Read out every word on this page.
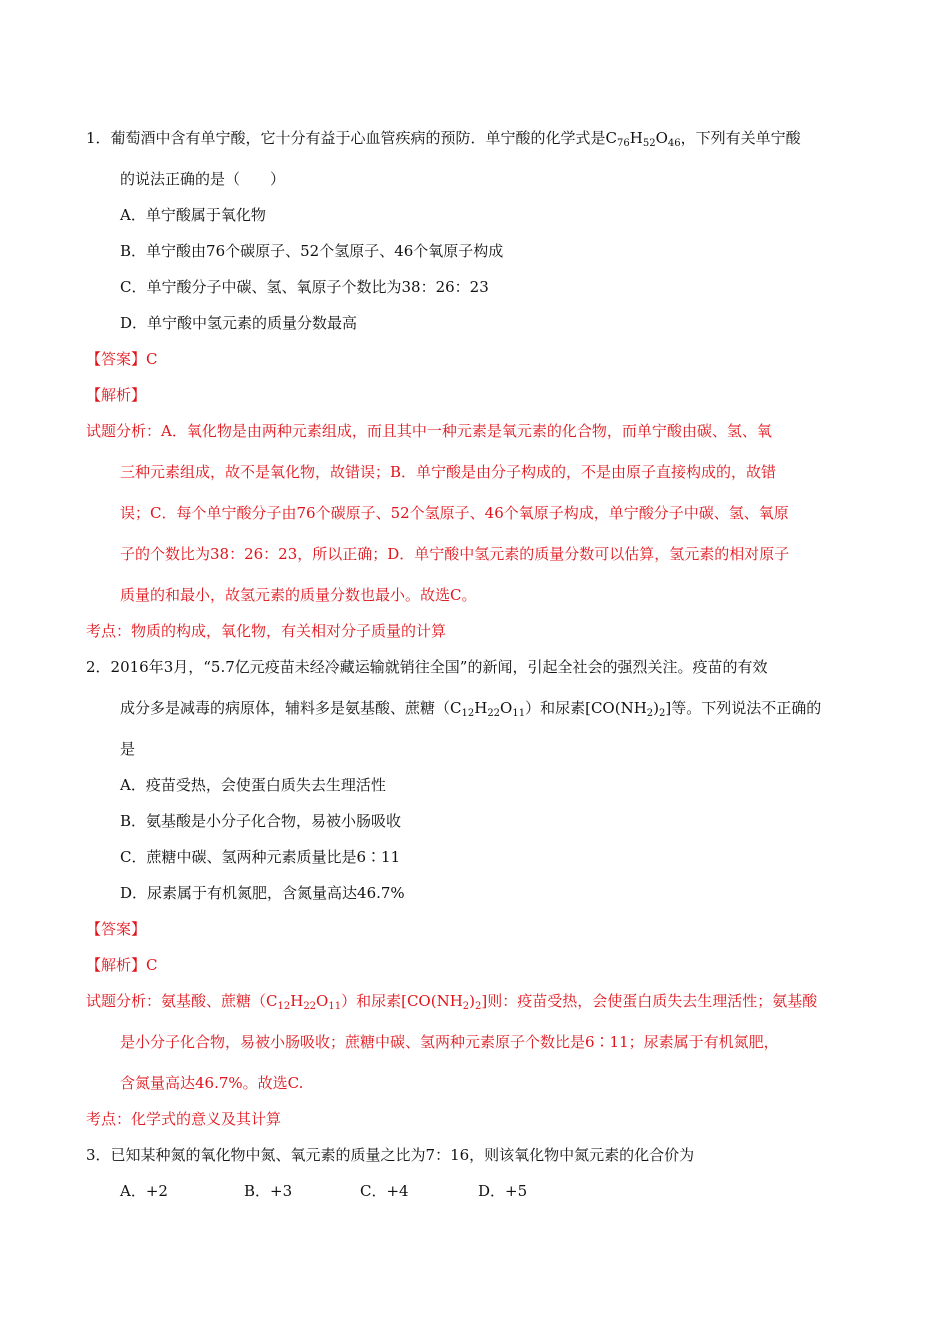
1．葡萄酒中含有单宁酸，它十分有益于心血管疾病的预防．单宁酸的化学式是$C_{76}H_{52}O_{46}$，下列有关单宁酸
的说法正确的是（　　）
A．单宁酸属于氧化物
B．单宁酸由76个碳原子、52个氢原子、46个氧原子构成
C．单宁酸分子中碳、氢、氧原子个数比为38：26：23
D．单宁酸中氢元素的质量分数最高
【答案】C
【解析】
试题分析：A．氧化物是由两种元素组成，而且其中一种元素是氧元素的化合物，而单宁酸由碳、氢、氧
三种元素组成，故不是氧化物，故错误；B．单宁酸是由分子构成的，不是由原子直接构成的，故错
误；C．每个单宁酸分子由76个碳原子、52个氢原子、46个氧原子构成，单宁酸分子中碳、氢、氧原
子的个数比为38：26：23，所以正确；D．单宁酸中氢元素的质量分数可以估算，氢元素的相对原子
质量的和最小，故氢元素的质量分数也最小。故选C。
考点：物质的构成，氧化物，有关相对分子质量的计算
2．2016年3月，“5.7亿元疫苗未经冷藏运输就销往全国”的新闻，引起全社会的强烈关注。疫苗的有效
成分多是减毒的病原体，辅料多是氨基酸、蔗糖$(C_{12}H_{22}O_{11})$和尿素$[CO(NH_2)_2]$等。下列说法不正确的
是
A．疫苗受热，会使蛋白质失去生理活性
B．氨基酸是小分子化合物，易被小肠吸收
C．蔗糖中碳、氢两种元素质量比是6∶11
D．尿素属于有机氮肥，含氮量高达46.7%
【答案】
【解析】C
试题分析：氨基酸、蔗糖$(C_{12}H_{22}O_{11})$和尿素$[CO(NH_2)_2]$则：疫苗受热，会使蛋白质失去生理活性；氨基酸
是小分子化合物，易被小肠吸收；蔗糖中碳、氢两种元素原子个数比是6∶11；尿素属于有机氮肥，
含氮量高达46.7%。故选C.
考点：化学式的意义及其计算
3．已知某种氮的氧化物中氮、氧元素的质量之比为7：16，则该氧化物中氮元素的化合价为
A．+2	B．+3	C．+4	D．+5
